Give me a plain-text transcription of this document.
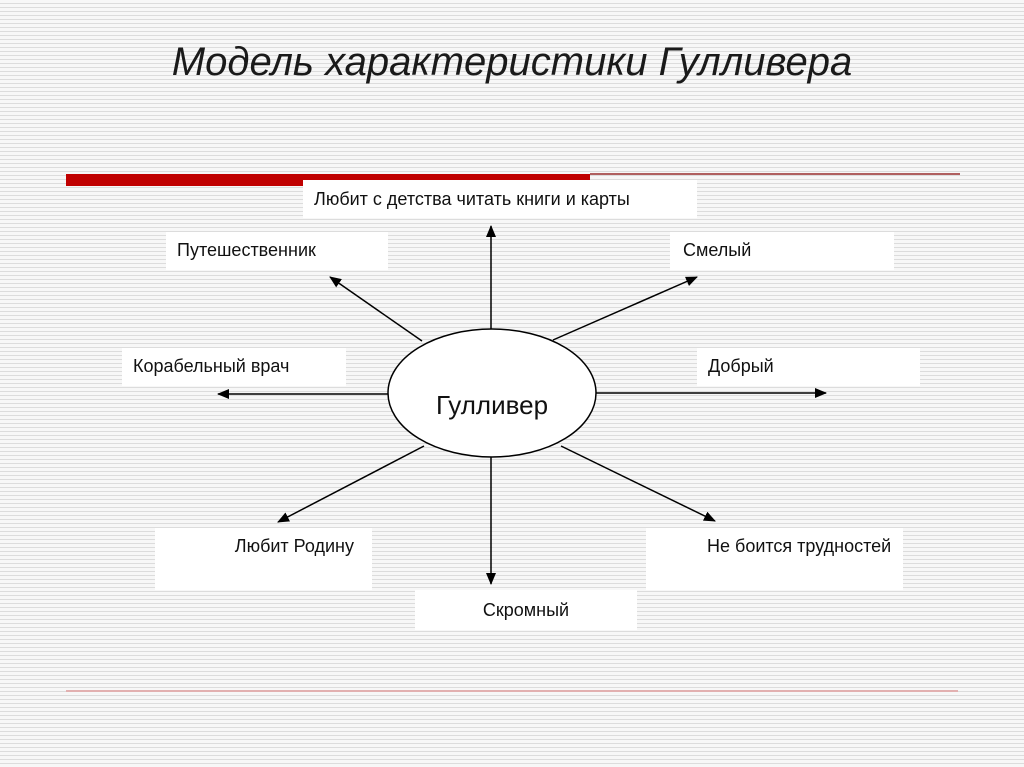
Модель характеристики Гулливера
Гулливер
Любит с детства читать книги и карты
Путешественник	Смелый
Корабельный врач	Добрый
Любит Родину	Не боится трудностей
Скромный
